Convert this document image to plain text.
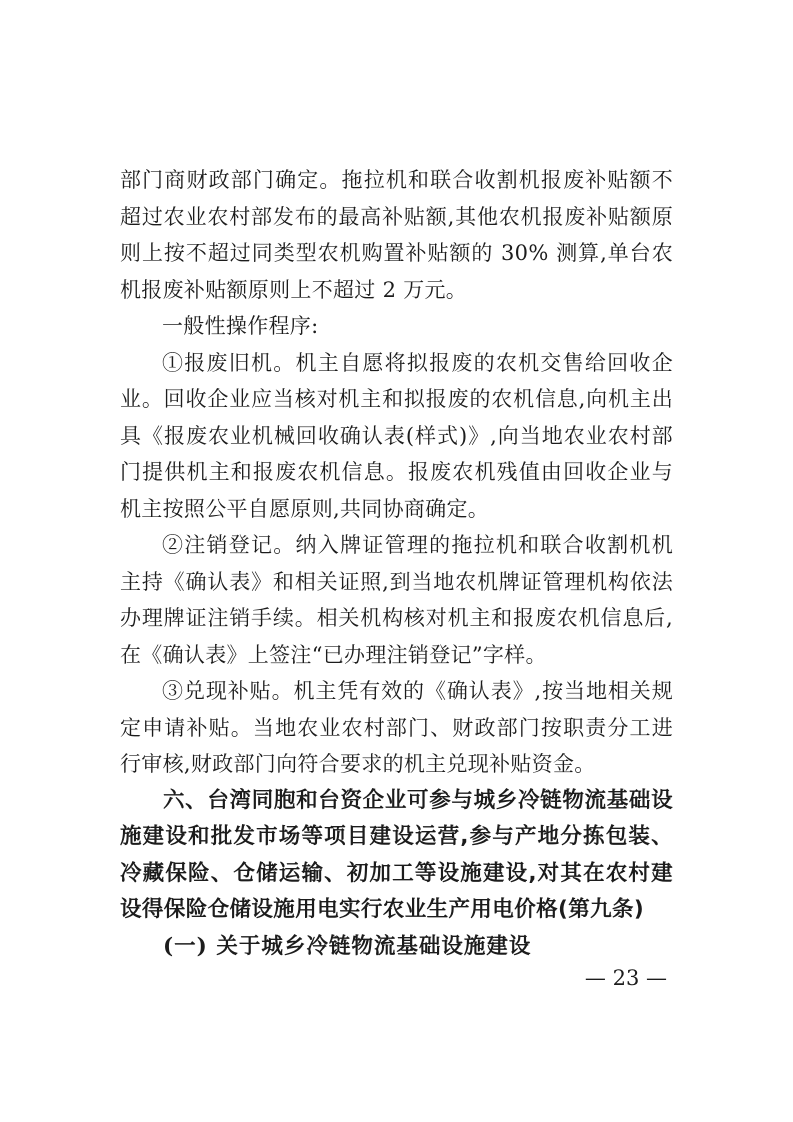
部门商财政部门确定。拖拉机和联合收割机报废补贴额不超过农业农村部发布的最高补贴额,其他农机报废补贴额原则上按不超过同类型农机购置补贴额的 30% 测算,单台农机报废补贴额原则上不超过 2 万元。

一般性操作程序:

①报废旧机。机主自愿将拟报废的农机交售给回收企业。回收企业应当核对机主和拟报废的农机信息,向机主出具《报废农业机械回收确认表(样式)》,向当地农业农村部门提供机主和报废农机信息。报废农机残值由回收企业与机主按照公平自愿原则,共同协商确定。

②注销登记。纳入牌证管理的拖拉机和联合收割机机主持《确认表》和相关证照,到当地农机牌证管理机构依法办理牌证注销手续。相关机构核对机主和报废农机信息后,在《确认表》上签注“已办理注销登记”字样。

③兑现补贴。机主凭有效的《确认表》,按当地相关规定申请补贴。当地农业农村部门、财政部门按职责分工进行审核,财政部门向符合要求的机主兑现补贴资金。

六、台湾同胞和台资企业可参与城乡冷链物流基础设施建设和批发市场等项目建设运营,参与产地分拣包装、冷藏保险、仓储运输、初加工等设施建设,对其在农村建设得保险仓储设施用电实行农业生产用电价格(第九条)

(一) 关于城乡冷链物流基础设施建设

— 23 —
